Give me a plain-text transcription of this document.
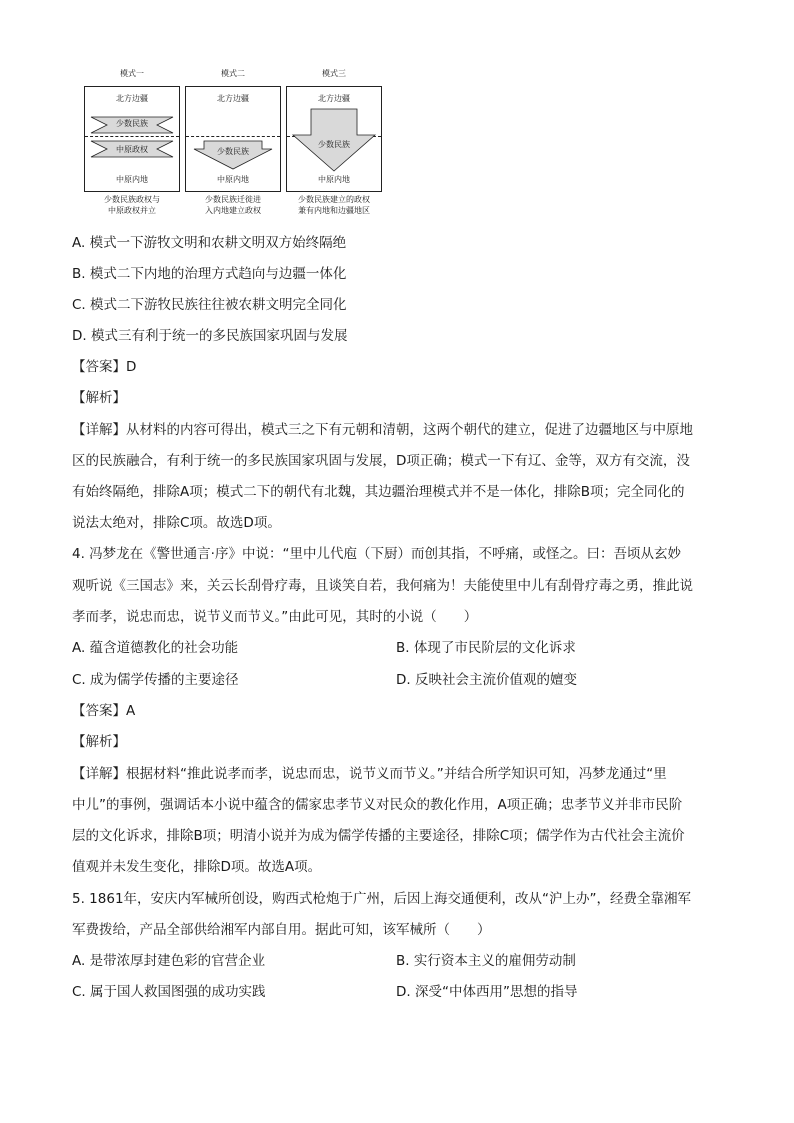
模式一
北方边疆
少数民族
中原政权
中原内地
少数民族政权与
中原政权并立
模式二
北方边疆
少数民族
中原内地
少数民族迁徙进
入内地建立政权
模式三
北方边疆
少数民族
中原内地
少数民族建立的政权
兼有内地和边疆地区
A. 模式一下游牧文明和农耕文明双方始终隔绝
B. 模式二下内地的治理方式趋向与边疆一体化
C. 模式二下游牧民族往往被农耕文明完全同化
D. 模式三有利于统一的多民族国家巩固与发展
【答案】D
【解析】
【详解】从材料的内容可得出，模式三之下有元朝和清朝，这两个朝代的建立，促进了边疆地区与中原地
区的民族融合，有利于统一的多民族国家巩固与发展，D项正确；模式一下有辽、金等，双方有交流，没
有始终隔绝，排除A项；模式二下的朝代有北魏，其边疆治理模式并不是一体化，排除B项；完全同化的
说法太绝对，排除C项。故选D项。
4. 冯梦龙在《警世通言·序》中说：“里中儿代庖（下厨）而创其指，不呼痛，或怪之。曰：吾顷从玄妙
观听说《三国志》来，关云长刮骨疗毒，且谈笑自若，我何痛为！夫能使里中儿有刮骨疗毒之勇，推此说
孝而孝，说忠而忠，说节义而节义。”由此可见，其时的小说（　　）
A. 蕴含道德教化的社会功能	B. 体现了市民阶层的文化诉求
C. 成为儒学传播的主要途径	D. 反映社会主流价值观的嬗变
【答案】A
【解析】
【详解】根据材料“推此说孝而孝，说忠而忠，说节义而节义。”并结合所学知识可知，冯梦龙通过“里
中儿”的事例，强调话本小说中蕴含的儒家忠孝节义对民众的教化作用，A项正确；忠孝节义并非市民阶
层的文化诉求，排除B项；明清小说并为成为儒学传播的主要途径，排除C项；儒学作为古代社会主流价
值观并未发生变化，排除D项。故选A项。
5. 1861年，安庆内军械所创设，购西式枪炮于广州，后因上海交通便利，改从“沪上办”，经费全靠湘军
军费拨给，产品全部供给湘军内部自用。据此可知，该军械所（　　）
A. 是带浓厚封建色彩的官营企业	B. 实行资本主义的雇佣劳动制
C. 属于国人救国图强的成功实践	D. 深受“中体西用”思想的指导
